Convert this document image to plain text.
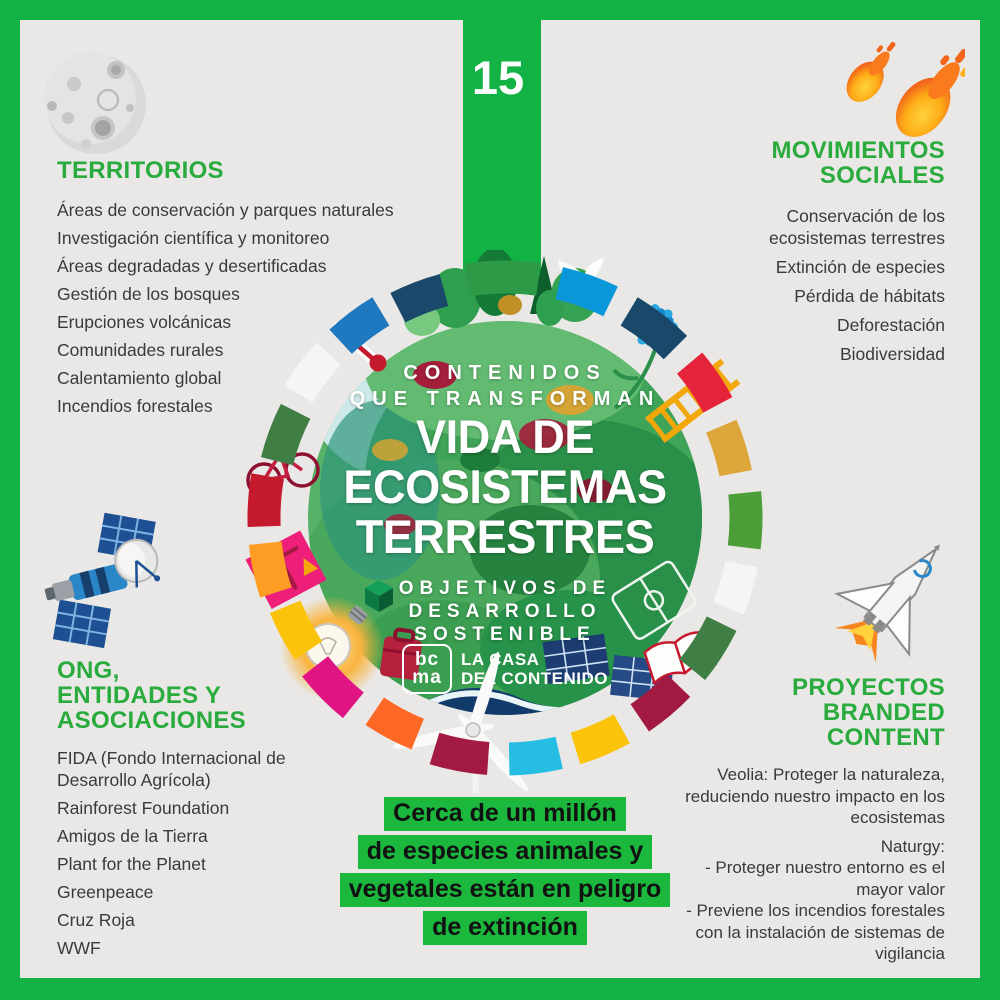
15
TERRITORIOS
Áreas de conservación y parques naturales
Investigación científica y monitoreo
Áreas degradadas y desertificadas
Gestión de los bosques
Erupciones volcánicas
Comunidades rurales
Calentamiento global
Incendios forestales
MOVIMIENTOS
SOCIALES
Conservación de los ecosistemas terrestres
Extinción de especies
Pérdida de hábitats
Deforestación
Biodiversidad
ONG,
ENTIDADES Y
ASOCIACIONES
FIDA (Fondo Internacional de Desarrollo Agrícola)
Rainforest Foundation
Amigos de la Tierra
Plant for the Planet
Greenpeace
Cruz Roja
WWF
PROYECTOS
BRANDED
CONTENT
Veolia: Proteger la naturaleza, reduciendo nuestro impacto en los ecosistemas
Naturgy:
- Proteger nuestro entorno es el mayor valor
- Previene los incendios forestales con la instalación de sistemas de vigilancia
CONTENIDOS
QUE TRANSFORMAN
VIDA DE
ECOSISTEMAS
TERRESTRES
OBJETIVOS DE
DESARROLLO
SOSTENIBLE
bc
ma
LA CASA
DEL CONTENIDO
Cerca de un millón
de especies animales y
vegetales están en peligro
de extinción
